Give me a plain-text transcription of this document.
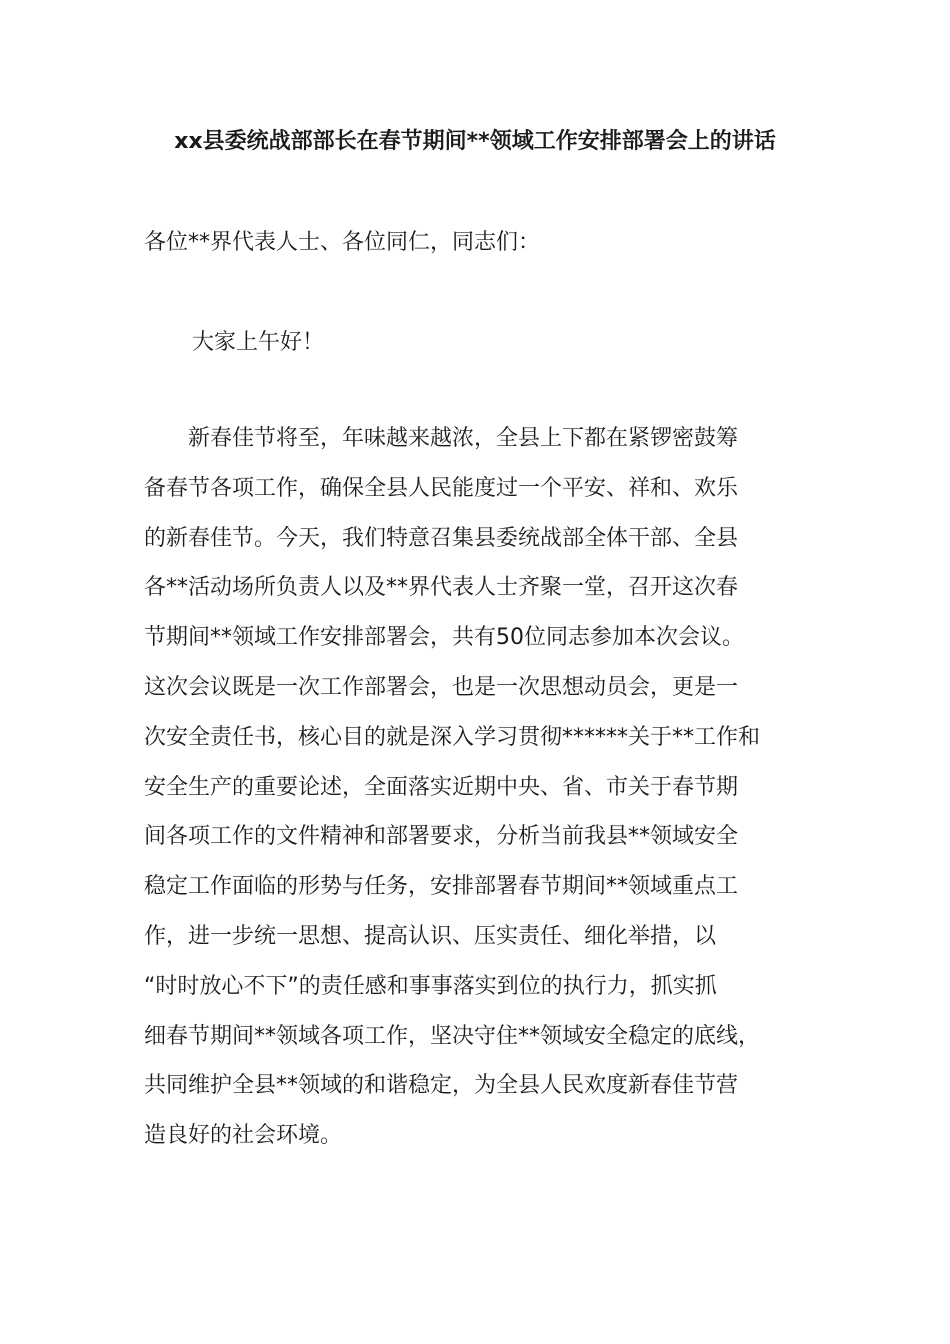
xx县委统战部部长在春节期间**领域工作安排部署会上的讲话
各位**界代表人士、各位同仁，同志们：
大家上午好！
　　新春佳节将至，年味越来越浓，全县上下都在紧锣密鼓筹
备春节各项工作，确保全县人民能度过一个平安、祥和、欢乐
的新春佳节。今天，我们特意召集县委统战部全体干部、全县
各**活动场所负责人以及**界代表人士齐聚一堂，召开这次春
节期间**领域工作安排部署会，共有50位同志参加本次会议。
这次会议既是一次工作部署会，也是一次思想动员会，更是一
次安全责任书，核心目的就是深入学习贯彻******关于**工作和
安全生产的重要论述，全面落实近期中央、省、市关于春节期
间各项工作的文件精神和部署要求，分析当前我县**领域安全
稳定工作面临的形势与任务，安排部署春节期间**领域重点工
作，进一步统一思想、提高认识、压实责任、细化举措，以
“时时放心不下”的责任感和事事落实到位的执行力，抓实抓
细春节期间**领域各项工作，坚决守住**领域安全稳定的底线，
共同维护全县**领域的和谐稳定，为全县人民欢度新春佳节营
造良好的社会环境。
